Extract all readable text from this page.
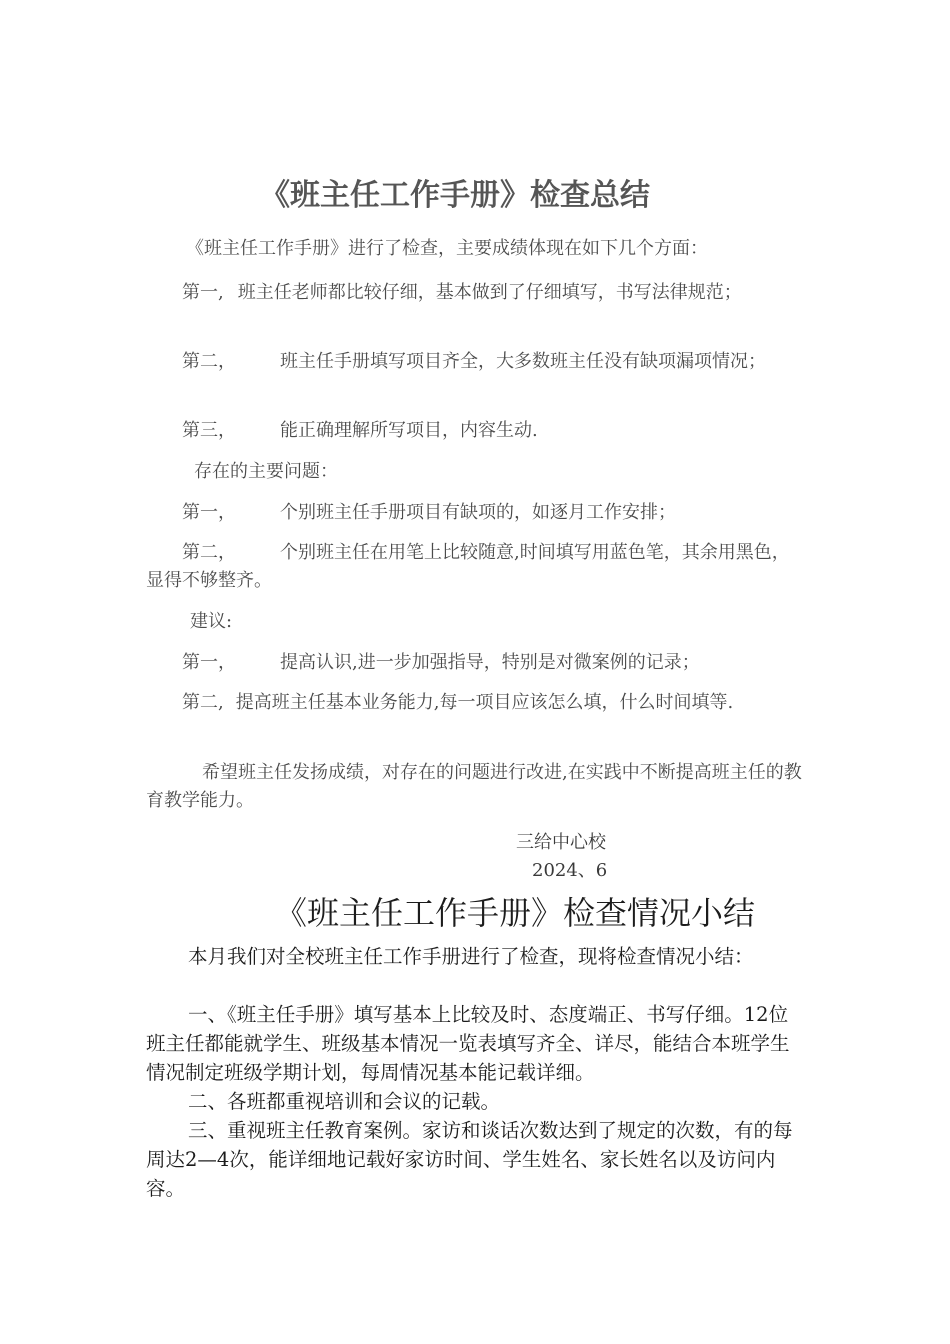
《班主任工作手册》检查总结
《班主任工作手册》进行了检查，主要成绩体现在如下几个方面：
第一, 班主任老师都比较仔细，基本做到了仔细填写，书写法律规范；
第二， 班主任手册填写项目齐全，大多数班主任没有缺项漏项情况；
第三， 能正确理解所写项目，内容生动.
存在的主要问题：
第一， 个别班主任手册项目有缺项的，如逐月工作安排；
第二， 个别班主任在用笔上比较随意,时间填写用蓝色笔，其余用黑色，显得不够整齐。
建议:
第一， 提高认识,进一步加强指导，特别是对微案例的记录；
第二, 提高班主任基本业务能力,每一项目应该怎么填，什么时间填等.
希望班主任发扬成绩，对存在的问题进行改进,在实践中不断提高班主任的教育教学能力。
三给中心校
2024、6
《班主任工作手册》检查情况小结
本月我们对全校班主任工作手册进行了检查，现将检查情况小结：
一、《班主任手册》填写基本上比较及时、态度端正、书写仔细。12位班主任都能就学生、班级基本情况一览表填写齐全、详尽，能结合本班学生情况制定班级学期计划，每周情况基本能记载详细。
二、各班都重视培训和会议的记载。
三、重视班主任教育案例。家访和谈话次数达到了规定的次数，有的每周达2—4次，能详细地记载好家访时间、学生姓名、家长姓名以及访问内容。
